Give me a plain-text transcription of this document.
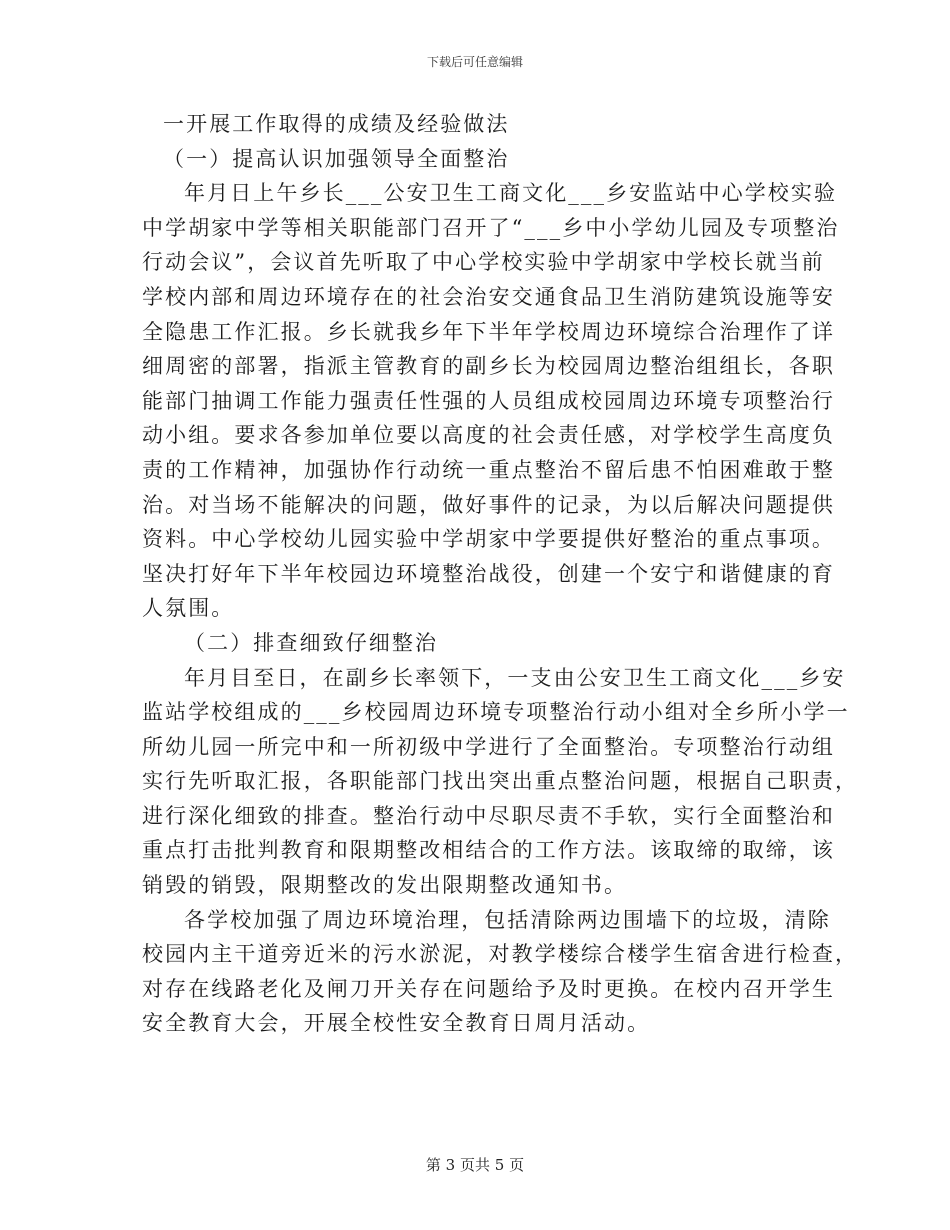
下载后可任意编辑
一开展工作取得的成绩及经验做法
（一）提高认识加强领导全面整治
年月日上午乡长___公安卫生工商文化___乡安监站中心学校实验
中学胡家中学等相关职能部门召开了“___乡中小学幼儿园及专项整治
行动会议”，会议首先听取了中心学校实验中学胡家中学校长就当前
学校内部和周边环境存在的社会治安交通食品卫生消防建筑设施等安
全隐患工作汇报。乡长就我乡年下半年学校周边环境综合治理作了详
细周密的部署，指派主管教育的副乡长为校园周边整治组组长，各职
能部门抽调工作能力强责任性强的人员组成校园周边环境专项整治行
动小组。要求各参加单位要以高度的社会责任感，对学校学生高度负
责的工作精神，加强协作行动统一重点整治不留后患不怕困难敢于整
治。对当场不能解决的问题，做好事件的记录，为以后解决问题提供
资料。中心学校幼儿园实验中学胡家中学要提供好整治的重点事项。
坚决打好年下半年校园边环境整治战役，创建一个安宁和谐健康的育
人氛围。
（二）排查细致仔细整治
年月目至日，在副乡长率领下，一支由公安卫生工商文化___乡安
监站学校组成的___乡校园周边环境专项整治行动小组对全乡所小学一
所幼儿园一所完中和一所初级中学进行了全面整治。专项整治行动组
实行先听取汇报，各职能部门找出突出重点整治问题，根据自己职责，
进行深化细致的排查。整治行动中尽职尽责不手软，实行全面整治和
重点打击批判教育和限期整改相结合的工作方法。该取缔的取缔，该
销毁的销毁，限期整改的发出限期整改通知书。
各学校加强了周边环境治理，包括清除两边围墙下的垃圾，清除
校园内主干道旁近米的污水淤泥，对教学楼综合楼学生宿舍进行检查，
对存在线路老化及闸刀开关存在问题给予及时更换。在校内召开学生
安全教育大会，开展全校性安全教育日周月活动。
第 3 页共 5 页
